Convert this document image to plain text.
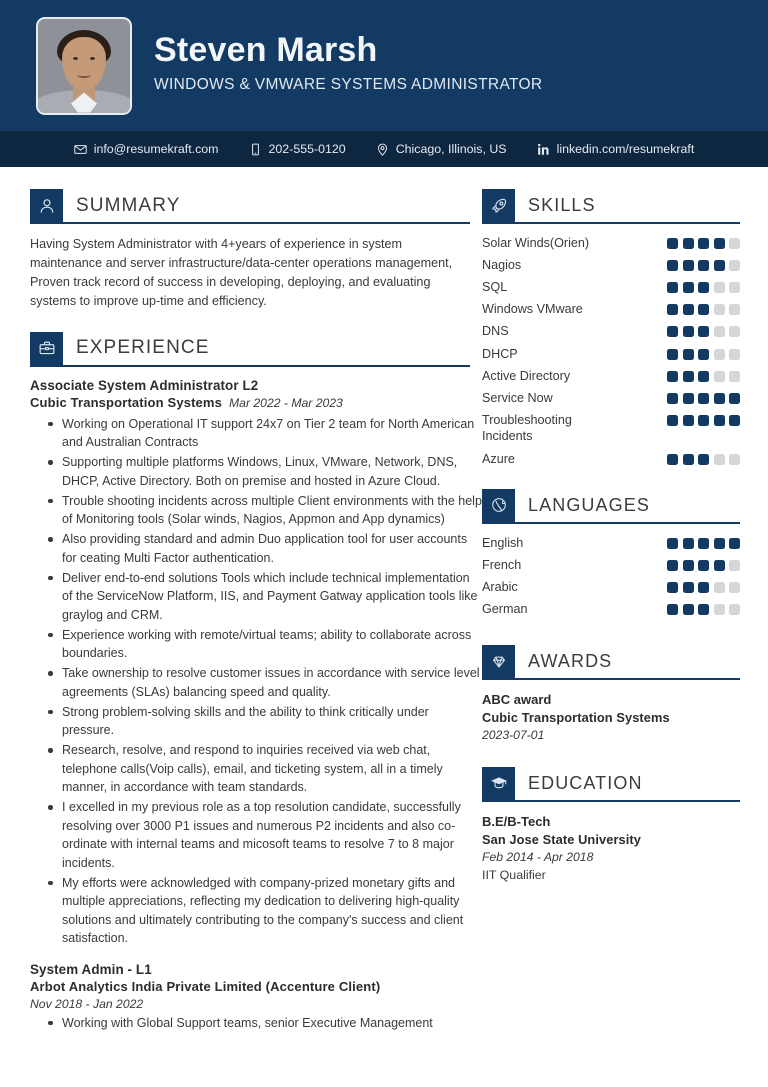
Steven Marsh
WINDOWS & VMWARE SYSTEMS ADMINISTRATOR
info@resumekraft.com	202-555-0120	Chicago, Illinois, US	linkedin.com/resumekraft
SUMMARY
Having System Administrator with 4+years of experience in system maintenance and server infrastructure/data-center operations management, Proven track record of success in developing, deploying, and evaluating systems to improve up-time and efficiency.
EXPERIENCE
Associate System Administrator L2
Cubic Transportation Systems Mar 2022 - Mar 2023
Working on Operational IT support 24x7 on Tier 2 team for North American and Australian Contracts
Supporting multiple platforms Windows, Linux, VMware, Network, DNS, DHCP, Active Directory. Both on premise and hosted in Azure Cloud.
Trouble shooting incidents across multiple Client environments with the help of Monitoring tools (Solar winds, Nagios, Appmon and App dynamics)
Also providing standard and admin Duo application tool for user accounts for ceating Multi Factor authentication.
Deliver end-to-end solutions Tools which include technical implementation of the ServiceNow Platform, IIS, and Payment Gatway application tools like graylog and CRM.
Experience working with remote/virtual teams; ability to collaborate across boundaries.
Take ownership to resolve customer issues in accordance with service level agreements (SLAs) balancing speed and quality.
Strong problem-solving skills and the ability to think critically under pressure.
Research, resolve, and respond to inquiries received via web chat, telephone calls(Voip calls), email, and ticketing system, all in a timely manner, in accordance with team standards.
I excelled in my previous role as a top resolution candidate, successfully resolving over 3000 P1 issues and numerous P2 incidents and also co-ordinate with internal teams and micosoft teams to resolve 7 to 8 major incidents.
My efforts were acknowledged with company-prized monetary gifts and multiple appreciations, reflecting my dedication to delivering high-quality solutions and ultimately contributing to the company's success and client satisfaction.
System Admin - L1
Arbot Analytics India Private Limited (Accenture Client)
Nov 2018 - Jan 2022
Working with Global Support teams, senior Executive Management
SKILLS
Solar Winds(Orien)
Nagios
SQL
Windows VMware
DNS
DHCP
Active Directory
Service Now
Troubleshooting Incidents
Azure
LANGUAGES
English
French
Arabic
German
AWARDS
ABC award
Cubic Transportation Systems
2023-07-01
EDUCATION
B.E/B-Tech
San Jose State University
Feb 2014 - Apr 2018
IIT Qualifier
